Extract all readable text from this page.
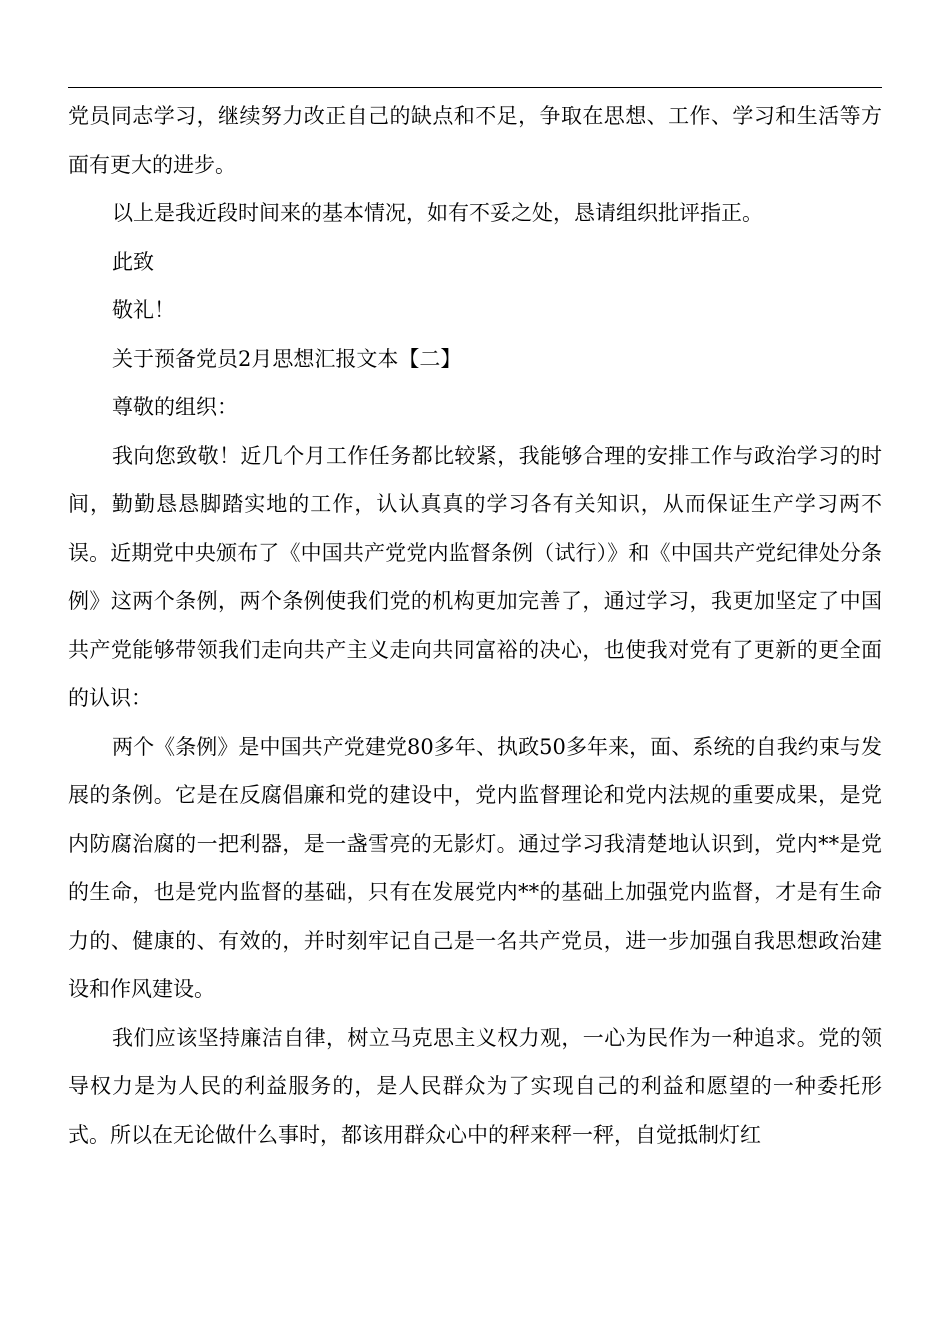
党员同志学习，继续努力改正自己的缺点和不足，争取在思想、工作、学习和生活等方面有更大的进步。

以上是我近段时间来的基本情况，如有不妥之处，恳请组织批评指正。

此致

敬礼！

关于预备党员2月思想汇报文本【二】

尊敬的组织：

我向您致敬！近几个月工作任务都比较紧，我能够合理的安排工作与政治学习的时间，勤勤恳恳脚踏实地的工作，认认真真的学习各有关知识，从而保证生产学习两不误。近期党中央颁布了《中国共产党党内监督条例（试行）》和《中国共产党纪律处分条例》这两个条例，两个条例使我们党的机构更加完善了，通过学习，我更加坚定了中国共产党能够带领我们走向共产主义走向共同富裕的决心，也使我对党有了更新的更全面的认识：

两个《条例》是中国共产党建党80多年、执政50多年来，面、系统的自我约束与发展的条例。它是在反腐倡廉和党的建设中，党内监督理论和党内法规的重要成果，是党内防腐治腐的一把利器，是一盏雪亮的无影灯。通过学习我清楚地认识到，党内**是党的生命，也是党内监督的基础，只有在发展党内**的基础上加强党内监督，才是有生命力的、健康的、有效的，并时刻牢记自己是一名共产党员，进一步加强自我思想政治建设和作风建设。

我们应该坚持廉洁自律，树立马克思主义权力观，一心为民作为一种追求。党的领导权力是为人民的利益服务的，是人民群众为了实现自己的利益和愿望的一种委托形式。所以在无论做什么事时，都该用群众心中的秤来秤一秤，自觉抵制灯红
